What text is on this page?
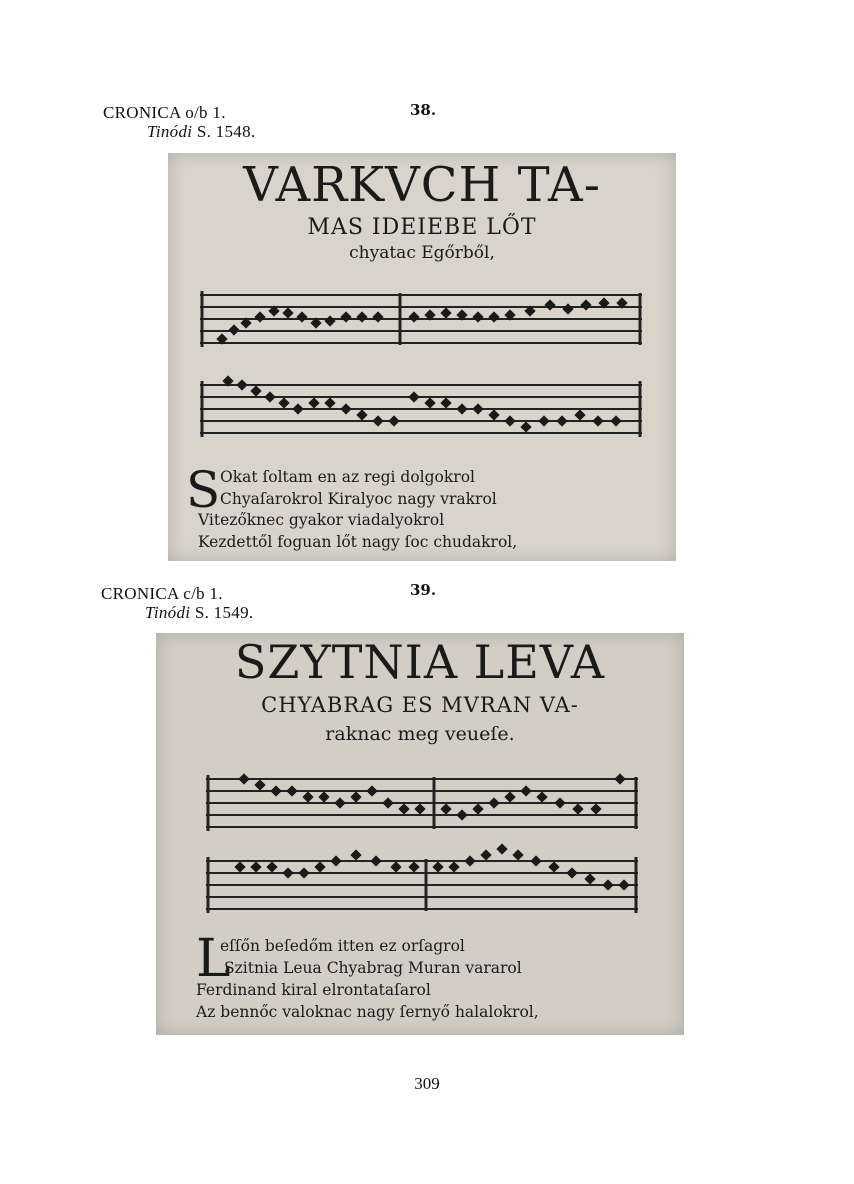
CRONICA o/b 1.
Tinódi S. 1548.
38.
VARKVCH TA-
MAS IDEIEBE LŐT
chyatac Egőrből,
S Okat ſoltam en az regi dolgokrol
Chyaſarokrol Kiralyoc nagy vrakrol
Vitezőknec gyakor viadalyokrol
Kezdettől foguan lőt nagy ſoc chudakrol,
CRONICA c/b 1.
Tinódi S. 1549.
39.
SZYTNIA LEVA
CHYABRAG ES MVRAN VA-
raknac meg veueſe.
L
eſſőn beſedőm itten ez orſagrol
Szitnia Leua Chyabrag Muran vararol
Ferdinand kiral elrontataſarol
Az bennőc valoknac nagy ſernyő halalokrol,
309
